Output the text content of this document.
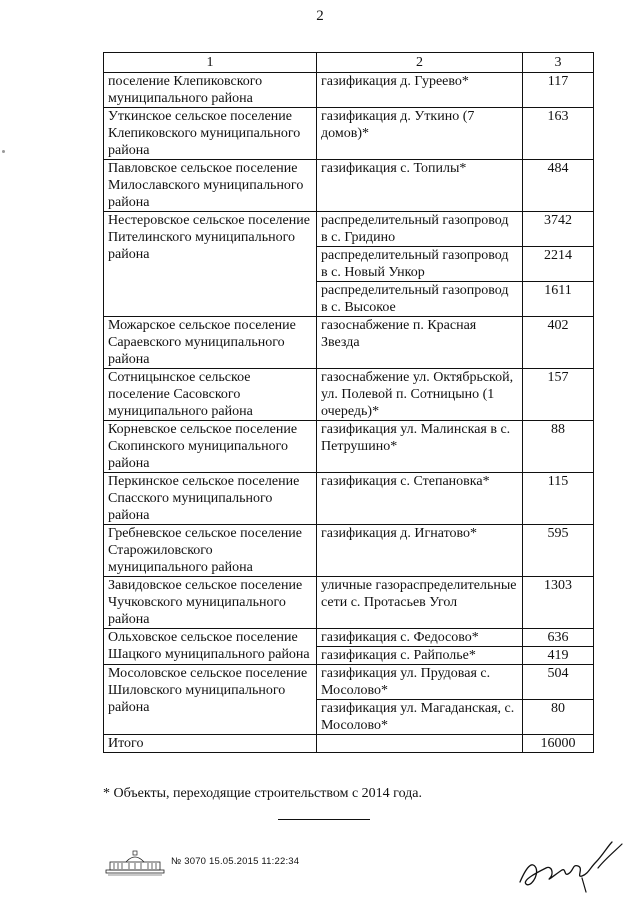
2
1	2	3
поселение Клепиковского муниципального района	газификация д. Гуреево*	117
Уткинское сельское поселение Клепиковского муниципального района	газификация д. Уткино (7 домов)*	163
Павловское сельское поселение Милославского муниципального района	газификация с. Топилы*	484
Нестеровское сельское поселение Пителинского муниципального района	распределительный газопровод в с. Гридино	3742
	распределительный газопровод в с. Новый Ункор	2214
	распределительный газопровод в с. Высокое	1611
Можарское сельское поселение Сараевского муниципального района	газоснабжение п. Красная Звезда	402
Сотницынское сельское поселение Сасовского муниципального района	газоснабжение ул. Октябрьской, ул. Полевой п. Сотницыно (1 очередь)*	157
Корневское сельское поселение Скопинского муниципального района	газификация ул. Малинская в с. Петрушино*	88
Перкинское сельское поселение Спасского муниципального района	газификация с. Степановка*	115
Гребневское сельское поселение Старожиловского муниципального района	газификация д. Игнатово*	595
Завидовское сельское поселение Чучковского муниципального района	уличные газораспределительные сети с. Протасьев Угол	1303
Ольховское сельское поселение Шацкого муниципального района	газификация с. Федосово*	636
	газификация с. Райполье*	419
Мосоловское сельское поселение Шиловского муниципального района	газификация ул. Прудовая с. Мосолово*	504
	газификация ул. Магаданская, с. Мосолово*	80
Итого		16000
* Объекты, переходящие строительством с 2014 года.
№ 3070 15.05.2015 11:22:34
